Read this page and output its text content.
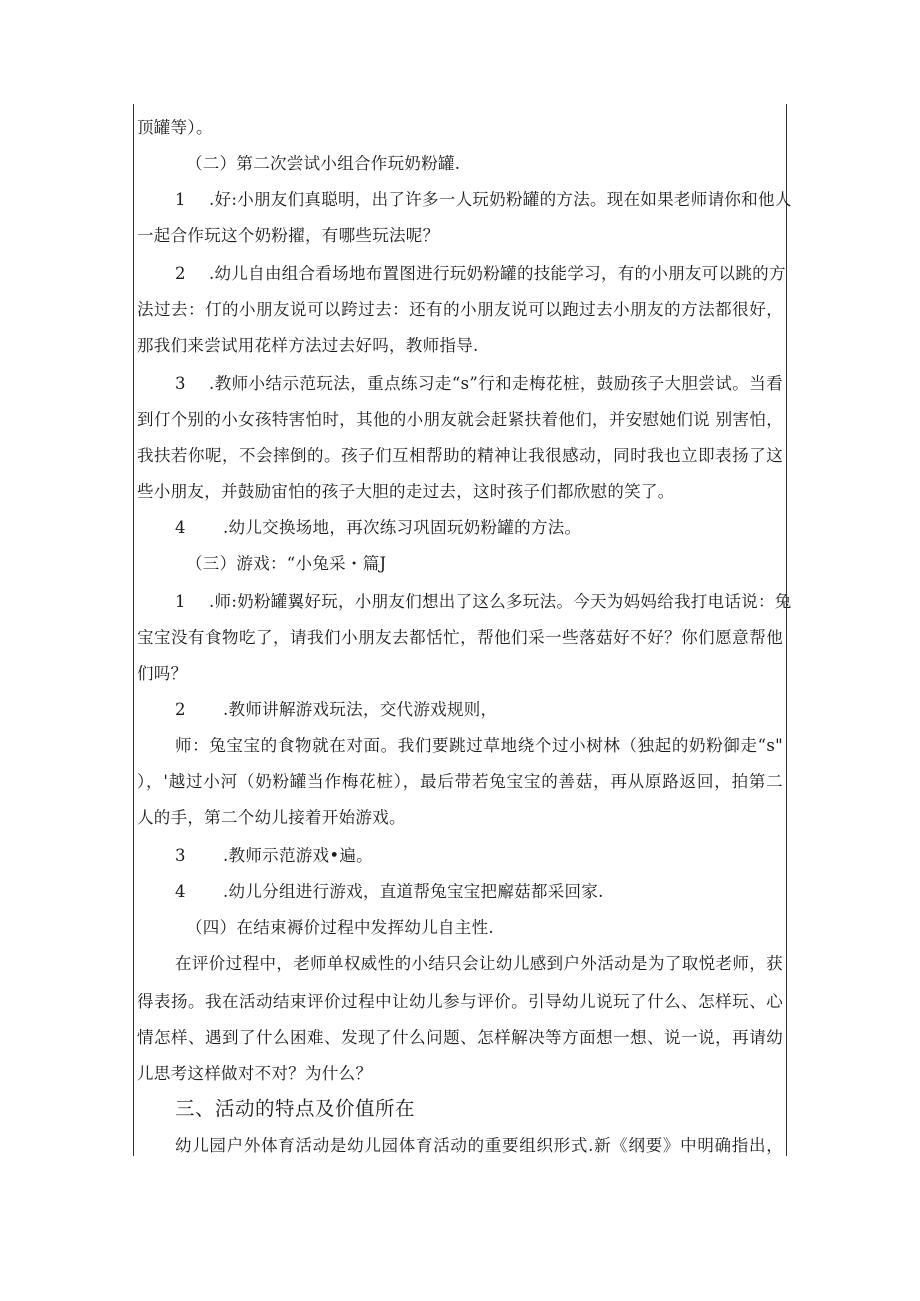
顶罐等）。
（二）第二次尝试小组合作玩奶粉罐.
1 .好:小朋友们真聪明，出了许多一人玩奶粉罐的方法。现在如果老师请你和他人
一起合作玩这个奶粉擢，有哪些玩法呢？
2 .幼儿自由组合看场地布置图进行玩奶粉罐的技能学习，有的小朋友可以跳的方
法过去：仃的小朋友说可以跨过去：还有的小朋友说可以跑过去小朋友的方法都很好，
那我们来尝试用花样方法过去好吗，教师指导.
3 .教师小结示范玩法，重点练习走“s”行和走梅花桩，鼓励孩子大胆尝试。当看
到仃个别的小女孩特害怕时，其他的小朋友就会赶紧扶着他们，并安慰她们说 别害怕，
我扶若你呢，不会摔倒的。孩子们互相帮助的精神让我很感动，同时我也立即表扬了这
些小朋友，并鼓励宙怕的孩子大胆的走过去，这时孩子们都欣慰的笑了。
4 .幼儿交换场地，再次练习巩固玩奶粉罐的方法。
（三）游戏：“小兔采・篇J
1 .师:奶粉罐翼好玩，小朋友们想出了这么多玩法。今天为妈妈给我打电话说：兔
宝宝没有食物吃了，请我们小朋友去都恬忙，帮他们采一些落菇好不好？你们愿意帮他
们吗？
2 .教师讲解游戏玩法，交代游戏规则，
师：兔宝宝的食物就在对面。我们要跳过草地绕个过小树林（独起的奶粉御走“s"
），'越过小河（奶粉罐当作梅花桩），最后带若兔宝宝的善菇，再从原路返回，拍第二
人的手，第二个幼儿接着开始游戏。
3 .教师示范游戏•遍。
4 .幼儿分组进行游戏，直道帮兔宝宝把廨菇都采回家.
（四）在结束褥价过程中发挥幼儿自主性.
在评价过程中，老师单权威性的小结只会让幼儿感到户外活动是为了取悦老师，获
得表扬。我在活动结束评价过程中让幼儿参与评价。引导幼儿说玩了什么、怎样玩、心
情怎样、遇到了什么困难、发现了什么问题、怎样解决等方面想一想、说一说，再请幼
儿思考这样做对不对？为什么？
三、活动的特点及价值所在
幼儿园户外体育活动是幼儿园体育活动的重要组织形式.新《纲要》中明确指出，
